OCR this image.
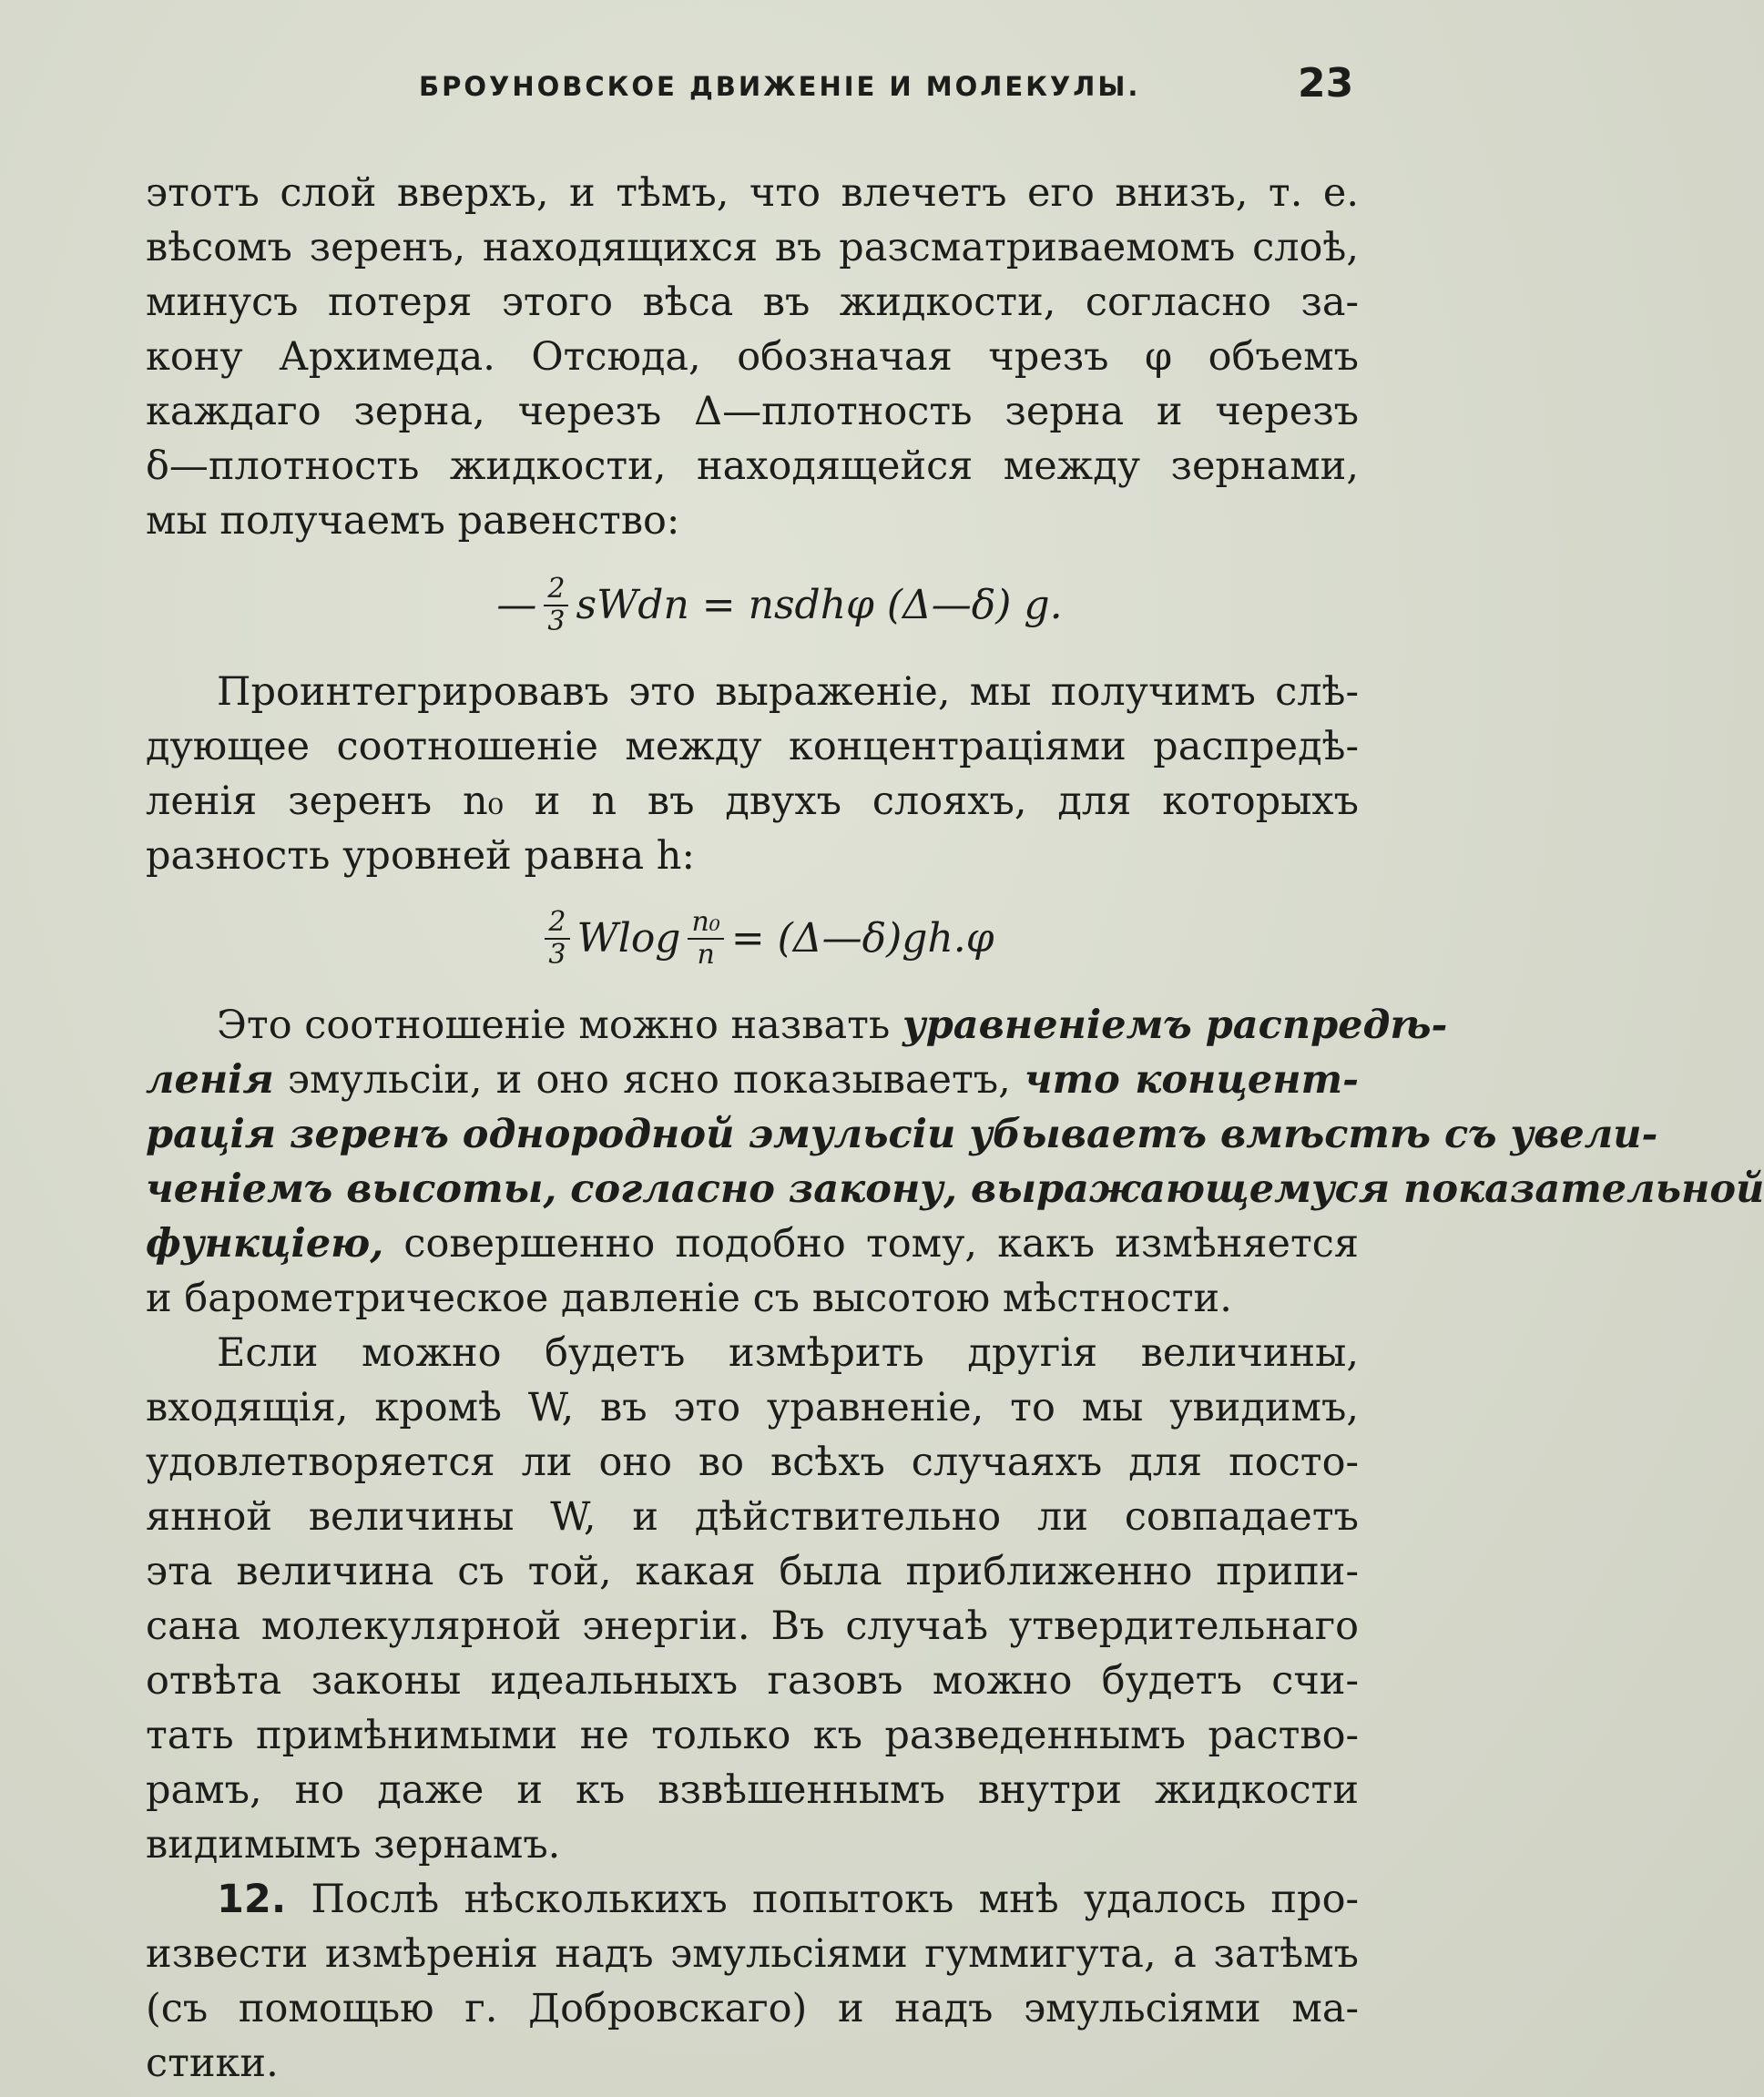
БРОУНОВСКОЕ ДВИЖЕНІЕ И МОЛЕКУЛЫ.	23
этотъ слой вверхъ, и тѣмъ, что влечетъ его внизъ, т. е.
вѣсомъ зеренъ, находящихся въ разсматриваемомъ слоѣ,
минусъ потеря этого вѣса въ жидкости, согласно за-
кону Архимеда. Отсюда, обозначая чрезъ φ объемъ
каждаго зерна, черезъ Δ—плотность зерна и черезъ
δ—плотность жидкости, находящейся между зернами,
мы получаемъ равенство:
— $\frac{2}{3}$ sWdn = nsdhφ (Δ—δ) g.
Проинтегрировавъ это выраженіе, мы получимъ слѣ-
дующее соотношеніе между концентраціями распредѣ-
ленія зеренъ n₀ и n въ двухъ слояхъ, для которыхъ
разность уровней равна h:
$\frac{2}{3}$ Wlog $\frac{\text{n₀}}{n}$ = (Δ—δ)gh.φ
Это соотношеніе можно назвать уравненіемъ распредѣ-
ленія эмульсіи, и оно ясно показываетъ, что концент-
рація зеренъ однородной эмульсіи убываетъ вмѣстѣ съ увели-
ченіемъ высоты, согласно закону, выражающемуся показательной
функціею, совершенно подобно тому, какъ измѣняется
и барометрическое давленіе съ высотою мѣстности.
Если можно будетъ измѣрить другія величины,
входящія, кромѣ W, въ это уравненіе, то мы увидимъ,
удовлетворяется ли оно во всѣхъ случаяхъ для посто-
янной величины W, и дѣйствительно ли совпадаетъ
эта величина съ той, какая была приближенно припи-
сана молекулярной энергіи. Въ случаѣ утвердительнаго
отвѣта законы идеальныхъ газовъ можно будетъ счи-
тать примѣнимыми не только къ разведеннымъ раство-
рамъ, но даже и къ взвѣшеннымъ внутри жидкости
видимымъ зернамъ.
12. Послѣ нѣсколькихъ попытокъ мнѣ удалось про-
извести измѣренія надъ эмульсіями гуммигута, а затѣмъ
(съ помощью г. Добровскаго) и надъ эмульсіями ма-
стики.
